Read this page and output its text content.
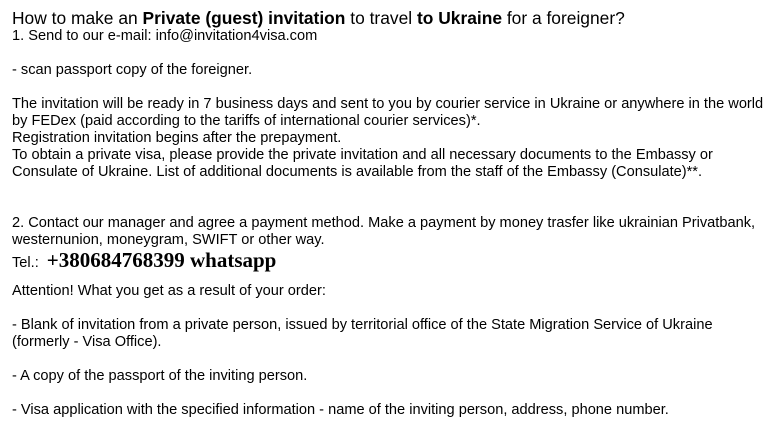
How to make an Private (guest) invitation to travel to Ukraine for a foreigner?

1. Send to our e-mail: info@invitation4visa.com

- scan passport copy of the foreigner.

The invitation will be ready in 7 business days and sent to you by courier service in Ukraine or anywhere in the world by FEDex (paid according to the tariffs of international courier services)*.

Registration invitation begins after the prepayment.

To obtain a private visa, please provide the private invitation and all necessary documents to the Embassy or Consulate of Ukraine. List of additional documents is available from the staff of the Embassy (Consulate)**.

2. Contact our manager and agree a payment method. Make a payment by money trasfer like ukrainian Privatbank, westernunion, moneygram, SWIFT or other way.

Tel.: +380684768399 whatsapp

Attention! What you get as a result of your order:

- Blank of invitation from a private person, issued by territorial office of the State Migration Service of Ukraine (formerly - Visa Office).

- A copy of the passport of the inviting person.

- Visa application with the specified information - name of the inviting person, address, phone number.
